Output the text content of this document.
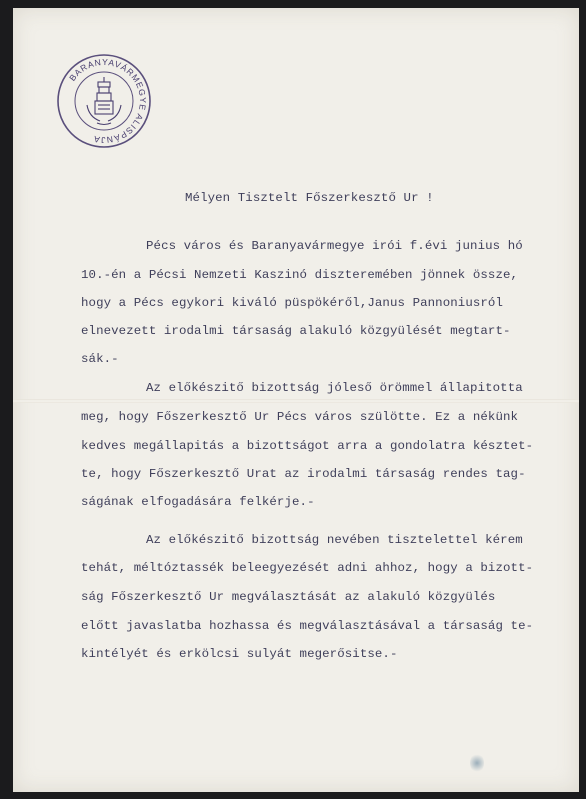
BARANYAVÁRMEGYE ALISPÁNJA
Mélyen Tisztelt Főszerkesztő Ur !
Pécs város és Baranyavármegye irói f.évi junius hó
10.-én a Pécsi Nemzeti Kaszinó diszteremében jönnek össze,
hogy a Pécs egykori kiváló püspökéről,Janus Pannoniusról
elnevezett irodalmi társaság alakuló közgyülését megtart-
sák.-
Az előkészitő bizottság jóleső örömmel állapitotta
meg, hogy Főszerkesztő Ur Pécs város szülötte. Ez a nékünk
kedves megállapitás a bizottságot arra a gondolatra késztet-
te, hogy Főszerkesztő Urat az irodalmi társaság rendes tag-
ságának elfogadására felkérje.-
Az előkészitő bizottság nevében tisztelettel kérem
tehát, méltóztassék beleegyezését adni ahhoz, hogy a bizott-
ság Főszerkesztő Ur megválasztását az alakuló közgyülés
előtt javaslatba hozhassa és megválasztásával a társaság te-
kintélyét és erkölcsi sulyát megerősitse.-
